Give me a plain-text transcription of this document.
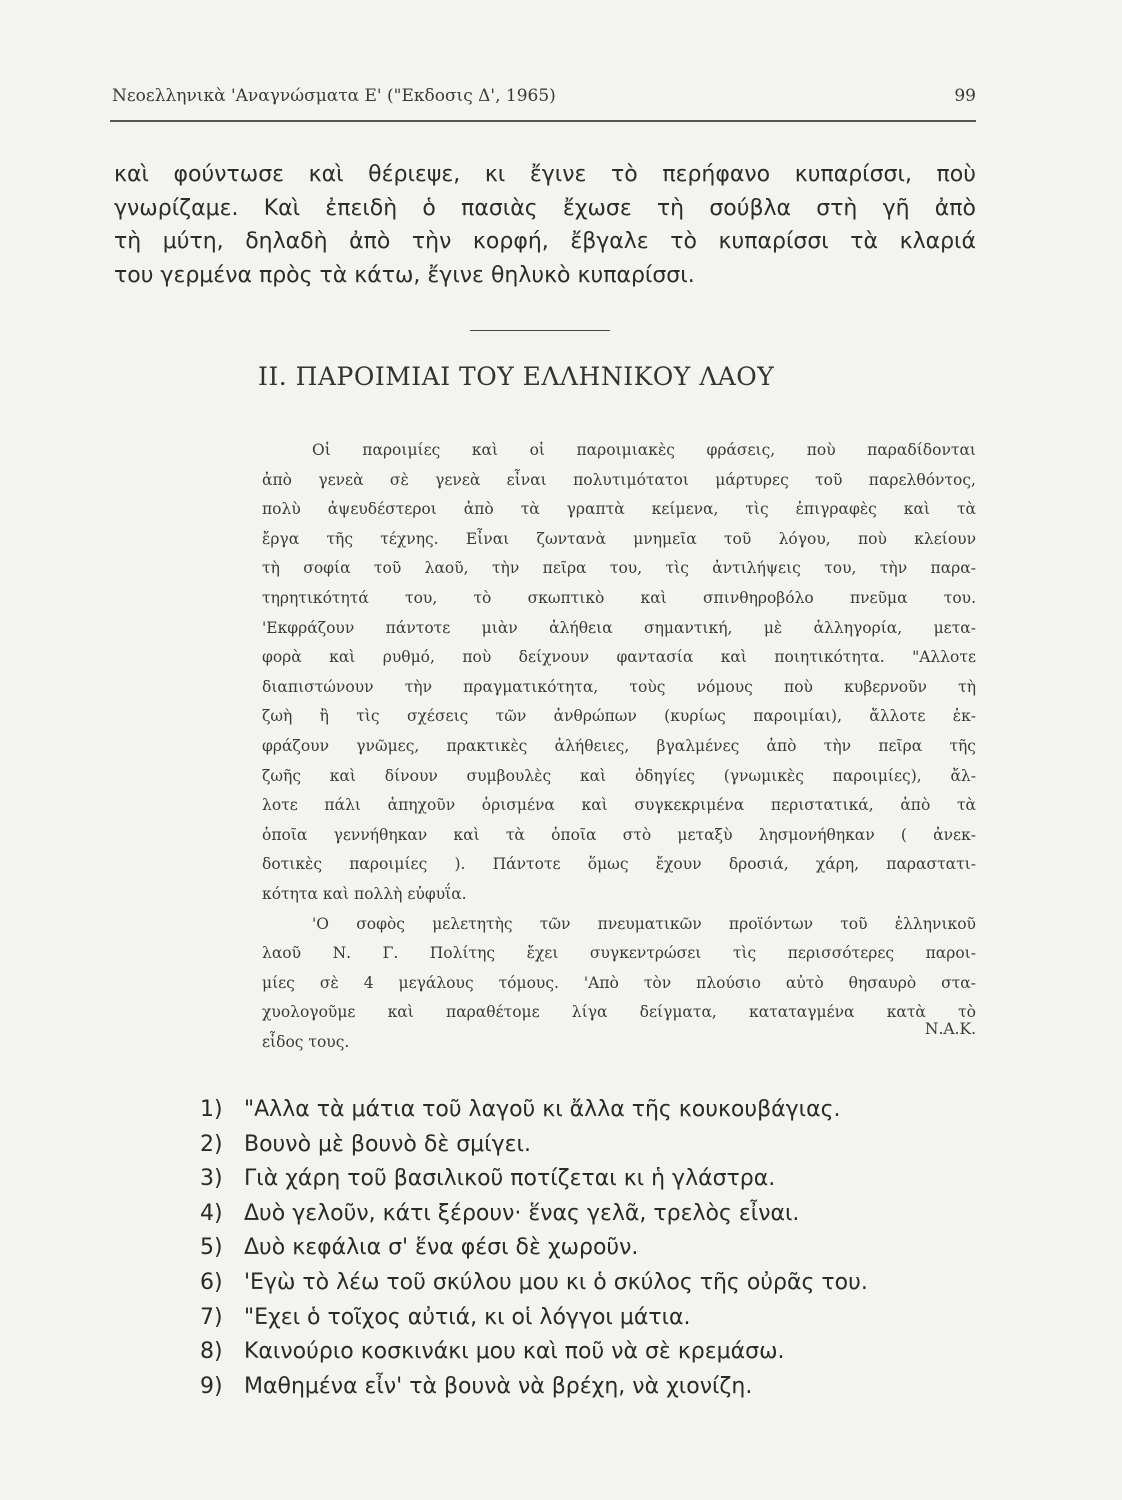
Νεοελληνικὰ 'Αναγνώσματα Ε' ("Εκδοσις Δ', 1965)	99
καὶ φούντωσε καὶ θέριεψε, κι ἔγινε τὸ περήφανο κυπαρίσσι, ποὺ
γνωρίζαμε. Καὶ ἐπειδὴ ὁ πασιὰς ἔχωσε τὴ σούβλα στὴ γῆ ἀπὸ
τὴ μύτη, δηλαδὴ ἀπὸ τὴν κορφή, ἔβγαλε τὸ κυπαρίσσι τὰ κλαριά
του γερμένα πρὸς τὰ κάτω, ἔγινε θηλυκὸ κυπαρίσσι.
II. ΠΑΡΟΙΜΙΑΙ ΤΟΥ ΕΛΛΗΝΙΚΟΥ ΛΑΟΥ
Οἱ παροιμίες καὶ οἱ παροιμιακὲς φράσεις, ποὺ παραδίδονται
ἀπὸ γενεὰ σὲ γενεὰ εἶναι πολυτιμότατοι μάρτυρες τοῦ παρελθόντος,
πολὺ ἀψευδέστεροι ἀπὸ τὰ γραπτὰ κείμενα, τὶς ἐπιγραφὲς καὶ τὰ
ἔργα τῆς τέχνης. Εἶναι ζωντανὰ μνημεῖα τοῦ λόγου, ποὺ κλείουν
τὴ σοφία τοῦ λαοῦ, τὴν πεῖρα του, τὶς ἀντιλήψεις του, τὴν παρα-
τηρητικότητά του, τὸ σκωπτικὸ καὶ σπινθηροβόλο πνεῦμα του.
'Εκφράζουν πάντοτε μιὰν ἀλήθεια σημαντική, μὲ ἀλληγορία, μετα-
φορὰ καὶ ρυθμό, ποὺ δείχνουν φαντασία καὶ ποιητικότητα. "Αλλοτε
διαπιστώνουν τὴν πραγματικότητα, τοὺς νόμους ποὺ κυβερνοῦν τὴ
ζωὴ ἢ τὶς σχέσεις τῶν ἀνθρώπων (κυρίως παροιμίαι), ἄλλοτε ἐκ-
φράζουν γνῶμες, πρακτικὲς ἀλήθειες, βγαλμένες ἀπὸ τὴν πεῖρα τῆς
ζωῆς καὶ δίνουν συμβουλὲς καὶ ὁδηγίες (γνωμικὲς παροιμίες), ἄλ-
λοτε πάλι ἀπηχοῦν ὁρισμένα καὶ συγκεκριμένα περιστατικά, ἀπὸ τὰ
ὁποῖα γεννήθηκαν καὶ τὰ ὁποῖα στὸ μεταξὺ λησμονήθηκαν ( ἀνεκ-
δοτικὲς παροιμίες ). Πάντοτε ὅμως ἔχουν δροσιά, χάρη, παραστατι-
κότητα καὶ πολλὴ εὐφυΐα.
'Ο σοφὸς μελετητὴς τῶν πνευματικῶν προϊόντων τοῦ ἑλληνικοῦ
λαοῦ Ν. Γ. Πολίτης ἔχει συγκεντρώσει τὶς περισσότερες παροι-
μίες σὲ 4 μεγάλους τόμους. 'Απὸ τὸν πλούσιο αὐτὸ θησαυρὸ στα-
χυολογοῦμε καὶ παραθέτομε λίγα δείγματα, καταταγμένα κατὰ τὸ
εἶδος τους.
Ν.Α.Κ.
1) "Αλλα τὰ μάτια τοῦ λαγοῦ κι ἄλλα τῆς κουκουβάγιας.
2) Βουνὸ μὲ βουνὸ δὲ σμίγει.
3) Γιὰ χάρη τοῦ βασιλικοῦ ποτίζεται κι ἡ γλάστρα.
4) Δυὸ γελοῦν, κάτι ξέρουν· ἕνας γελᾶ, τρελὸς εἶναι.
5) Δυὸ κεφάλια σ' ἕνα φέσι δὲ χωροῦν.
6) 'Εγὼ τὸ λέω τοῦ σκύλου μου κι ὁ σκύλος τῆς οὐρᾶς του.
7) "Εχει ὁ τοῖχος αὐτιά, κι οἱ λόγγοι μάτια.
8) Καινούριο κοσκινάκι μου καὶ ποῦ νὰ σὲ κρεμάσω.
9) Μαθημένα εἶν' τὰ βουνὰ νὰ βρέχη, νὰ χιονίζη.
